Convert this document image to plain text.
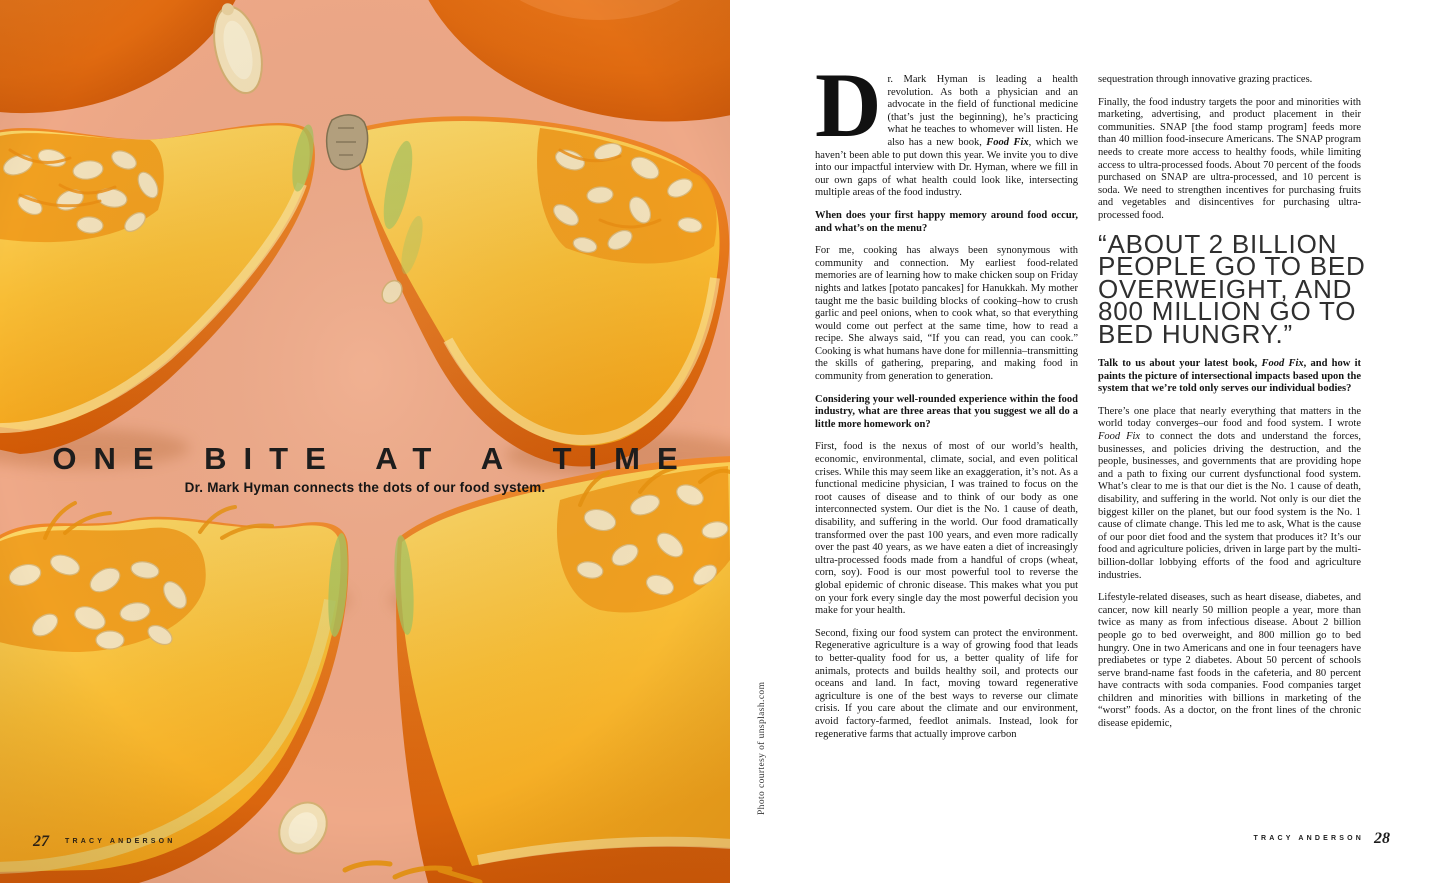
ONE BITE AT A TIME
Dr. Mark Hyman connects the dots of our food system.
27 TRACY ANDERSON
Photo courtesy of unsplash.com

Dr. Mark Hyman is leading a health revolution. As both a physician and an advocate in the field of functional medicine (that’s just the beginning), he’s practicing what he teaches to whomever will listen. He also has a new book, Food Fix, which we haven’t been able to put down this year. We invite you to dive into our impactful interview with Dr. Hyman, where we fill in our own gaps of what health could look like, intersecting multiple areas of the food industry.

When does your first happy memory around food occur, and what’s on the menu?

For me, cooking has always been synonymous with community and connection. My earliest food-related memories are of learning how to make chicken soup on Friday nights and latkes [potato pancakes] for Hanukkah. My mother taught me the basic building blocks of cooking–how to crush garlic and peel onions, when to cook what, so that everything would come out perfect at the same time, how to read a recipe. She always said, “If you can read, you can cook.” Cooking is what humans have done for millennia–transmitting the skills of gathering, preparing, and making food in community from generation to generation.

Considering your well-rounded experience within the food industry, what are three areas that you suggest we all do a little more homework on?

First, food is the nexus of most of our world’s health, economic, environmental, climate, social, and even political crises. While this may seem like an exaggeration, it’s not. As a functional medicine physician, I was trained to focus on the root causes of disease and to think of our body as one interconnected system. Our diet is the No. 1 cause of death, disability, and suffering in the world. Our food dramatically transformed over the past 100 years, and even more radically over the past 40 years, as we have eaten a diet of increasingly ultra-processed foods made from a handful of crops (wheat, corn, soy). Food is our most powerful tool to reverse the global epidemic of chronic disease. This makes what you put on your fork every single day the most powerful decision you make for your health.

Second, fixing our food system can protect the environment. Regenerative agriculture is a way of growing food that leads to better-quality food for us, a better quality of life for animals, protects and builds healthy soil, and protects our oceans and land. In fact, moving toward regenerative agriculture is one of the best ways to reverse our climate crisis. If you care about the climate and our environment, avoid factory-farmed, feedlot animals. Instead, look for regenerative farms that actually improve carbon

sequestration through innovative grazing practices.

Finally, the food industry targets the poor and minorities with marketing, advertising, and product placement in their communities. SNAP [the food stamp program] feeds more than 40 million food-insecure Americans. The SNAP program needs to create more access to healthy foods, while limiting access to ultra-processed foods. About 70 percent of the foods purchased on SNAP are ultra-processed, and 10 percent is soda. We need to strengthen incentives for purchasing fruits and vegetables and disincentives for purchasing ultra-processed food.

“ABOUT 2 BILLION
PEOPLE GO TO BED
OVERWEIGHT, AND
800 MILLION GO TO
BED HUNGRY.”

Talk to us about your latest book, Food Fix, and how it paints the picture of intersectional impacts based upon the system that we’re told only serves our individual bodies?

There’s one place that nearly everything that matters in the world today converges–our food and food system. I wrote Food Fix to connect the dots and understand the forces, businesses, and policies driving the destruction, and the people, businesses, and governments that are providing hope and a path to fixing our current dysfunctional food system. What’s clear to me is that our diet is the No. 1 cause of death, disability, and suffering in the world. Not only is our diet the biggest killer on the planet, but our food system is the No. 1 cause of climate change. This led me to ask, What is the cause of our poor diet food and the system that produces it? It’s our food and agriculture policies, driven in large part by the multi-billion-dollar lobbying efforts of the food and agriculture industries.

Lifestyle-related diseases, such as heart disease, diabetes, and cancer, now kill nearly 50 million people a year, more than twice as many as from infectious disease. About 2 billion people go to bed overweight, and 800 million go to bed hungry. One in two Americans and one in four teenagers have prediabetes or type 2 diabetes. About 50 percent of schools serve brand-name fast foods in the cafeteria, and 80 percent have contracts with soda companies. Food companies target children and minorities with billions in marketing of the “worst” foods. As a doctor, on the front lines of the chronic disease epidemic,

TRACY ANDERSON 28
